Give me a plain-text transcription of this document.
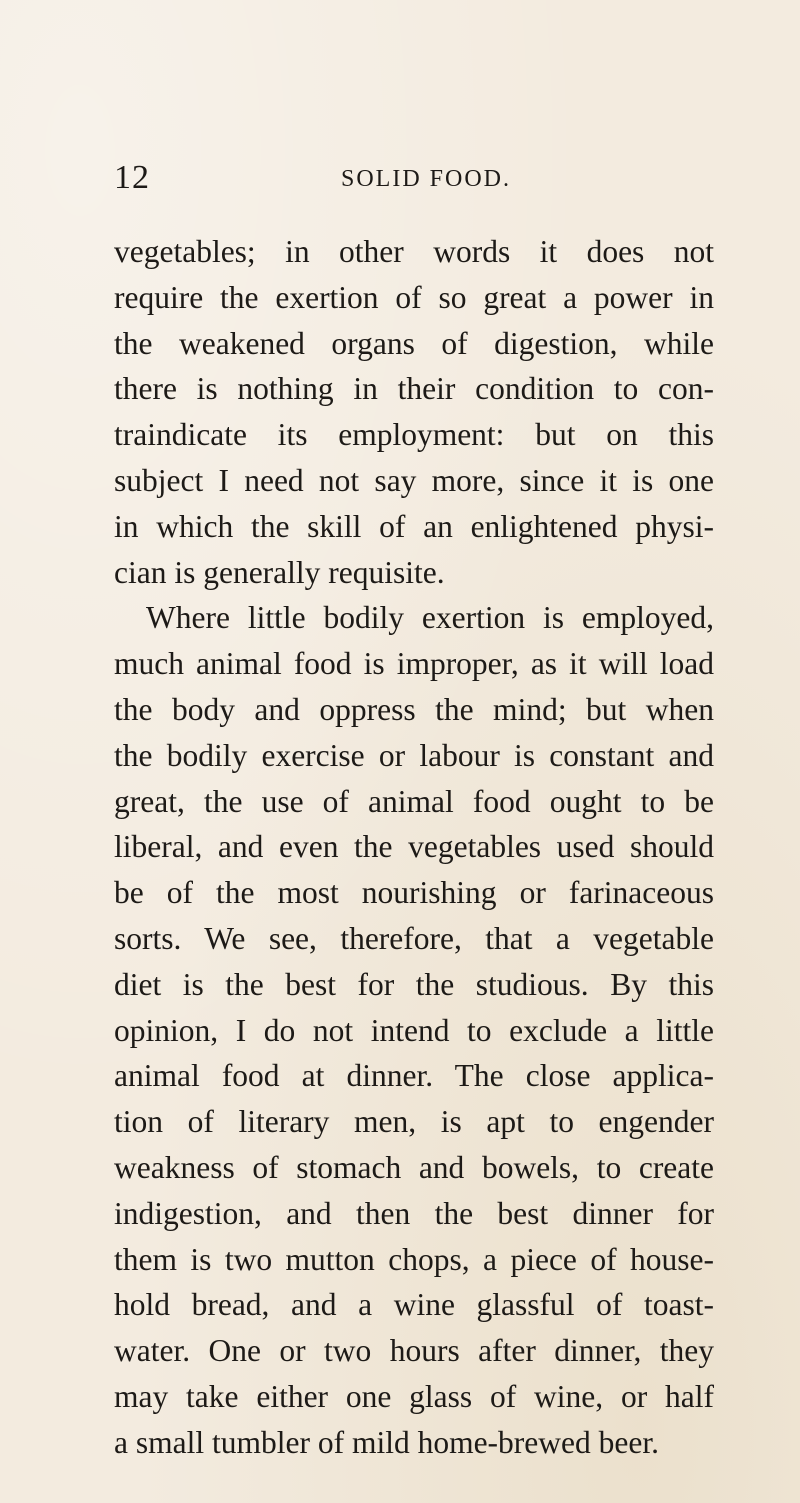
12	SOLID FOOD.
vegetables; in other words it does not
require the exertion of so great a power in
the weakened organs of digestion, while
there is nothing in their condition to con-
traindicate its employment: but on this
subject I need not say more, since it is one
in which the skill of an enlightened physi-
cian is generally requisite.
Where little bodily exertion is employed,
much animal food is improper, as it will load
the body and oppress the mind; but when
the bodily exercise or labour is constant and
great, the use of animal food ought to be
liberal, and even the vegetables used should
be of the most nourishing or farinaceous
sorts. We see, therefore, that a vegetable
diet is the best for the studious. By this
opinion, I do not intend to exclude a little
animal food at dinner. The close applica-
tion of literary men, is apt to engender
weakness of stomach and bowels, to create
indigestion, and then the best dinner for
them is two mutton chops, a piece of house-
hold bread, and a wine glassful of toast-
water. One or two hours after dinner, they
may take either one glass of wine, or half
a small tumbler of mild home-brewed beer.
